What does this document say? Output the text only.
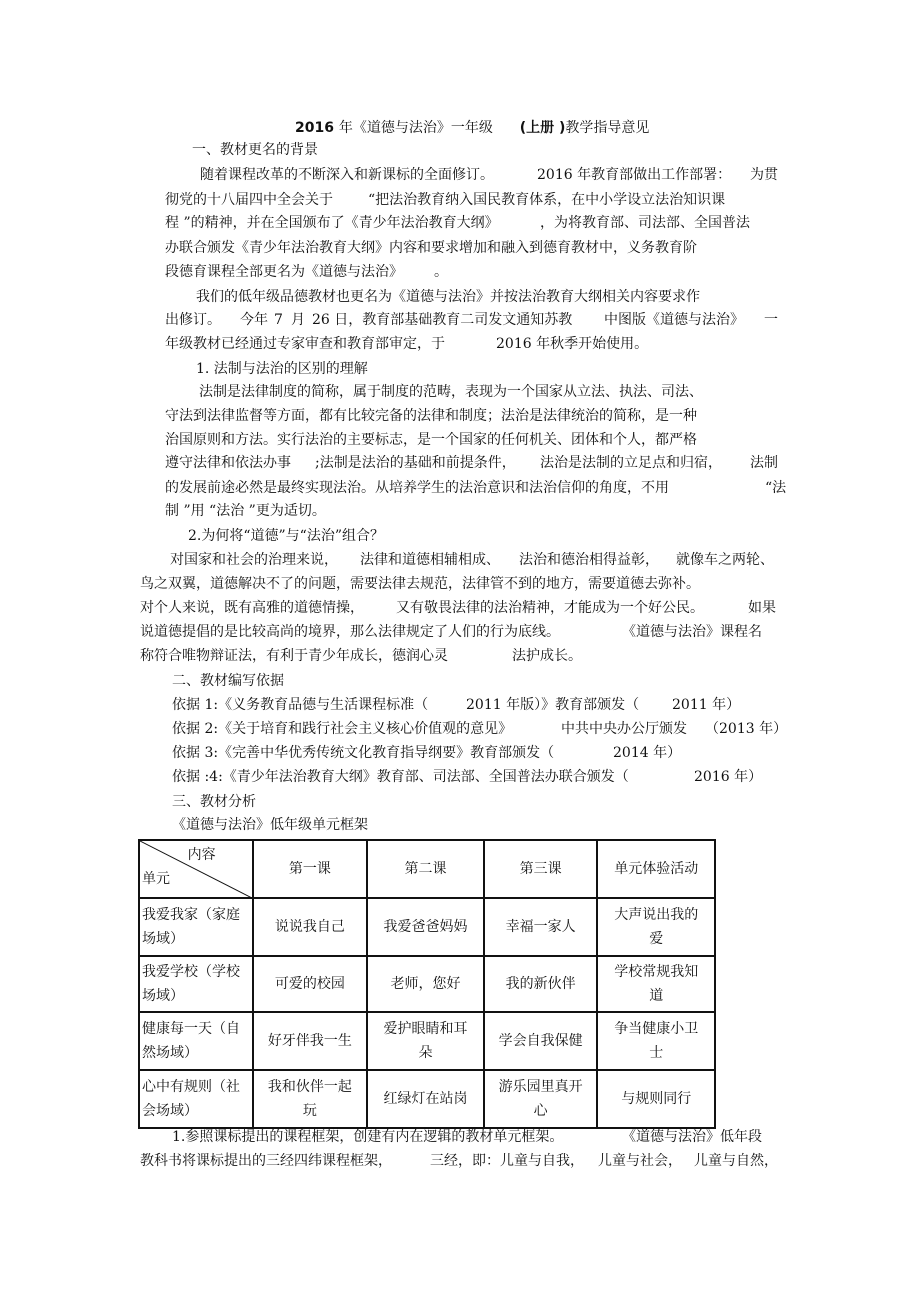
2016 年《道德与法治》一年级 (上册 )教学指导意见
一、教材更名的背景
随着课程改革的不断深入和新课标的全面修订。	2016 年教育部做出工作部署： 为贯
彻党的十八届四中全会关于	“把法治教育纳入国民教育体系，在中小学设立法治知识课
程 ”的精神，并在全国颁布了《青少年法治教育大纲》	，为将教育部、司法部、全国普法
办联合颁发《青少年法治教育大纲》内容和要求增加和融入到德育教材中，义务教育阶
段德育课程全部更名为《道德与法治》 。
我们的低年级品德教材也更名为《道德与法治》并按法治教育大纲相关内容要求作
出修订。 今年 7 月 26 日，教育部基础教育二司发文通知苏教 中图版《道德与法治》 一
年级教材已经通过专家审查和教育部审定，于	2016 年秋季开始使用。
1. 法制与法治的区别的理解
法制是法律制度的简称，属于制度的范畴，表现为一个国家从立法、执法、司法、
守法到法律监督等方面，都有比较完备的法律和制度；法治是法律统治的简称，是一种
治国原则和方法。实行法治的主要标志，是一个国家的任何机关、团体和个人，都严格
遵守法律和依法办事 ;法制是法治的基础和前提条件， 法治是法制的立足点和归宿， 法制
的发展前途必然是最终实现法治。从培养学生的法治意识和法治信仰的角度，不用	“法
制 ”用 “法治 ”更为适切。
2.为何将“道德”与“法治”组合？
对国家和社会的治理来说， 法律和道德相辅相成、 法治和德治相得益彰， 就像车之两轮、
鸟之双翼，道德解决不了的问题，需要法律去规范，法律管不到的地方，需要道德去弥补。
对个人来说，既有高雅的道德情操， 又有敬畏法律的法治精神，才能成为一个好公民。	如果
说道德提倡的是比较高尚的境界，那么法律规定了人们的行为底线。	《道德与法治》课程名
称符合唯物辩证法，有利于青少年成长，德润心灵	法护成长。
二、教材编写依据
依据 1:《义务教育品德与生活课程标准（	2011 年版）》教育部颁发（ 2011 年）
依据 2:《关于培育和践行社会主义核心价值观的意见》	中共中央办公厅颁发 （2013 年）
依据 3:《完善中华优秀传统文化教育指导纲要》教育部颁发（	2014 年）
依据 :4:《青少年法治教育大纲》教育部、司法部、全国普法办联合颁发（	2016 年）
三、教材分析
《道德与法治》低年级单元框架
内容
单元	第一课	第二课	第三课	单元体验活动
我爱我家（家庭
场域）	说说我自己	我爱爸爸妈妈	幸福一家人	大声说出我的
爱
我爱学校（学校
场域）	可爱的校园	老师，您好	我的新伙伴	学校常规我知
道
健康每一天（自
然场域）	好牙伴我一生	爱护眼睛和耳
朵	学会自我保健	争当健康小卫
士
心中有规则（社
会场域）	我和伙伴一起
玩	红绿灯在站岗	游乐园里真开
心	与规则同行
1.参照课标提出的课程框架，创建有内在逻辑的教材单元框架。	《道德与法治》低年段
教科书将课标提出的三经四纬课程框架，	三经，即：儿童与自我， 儿童与社会， 儿童与自然，
